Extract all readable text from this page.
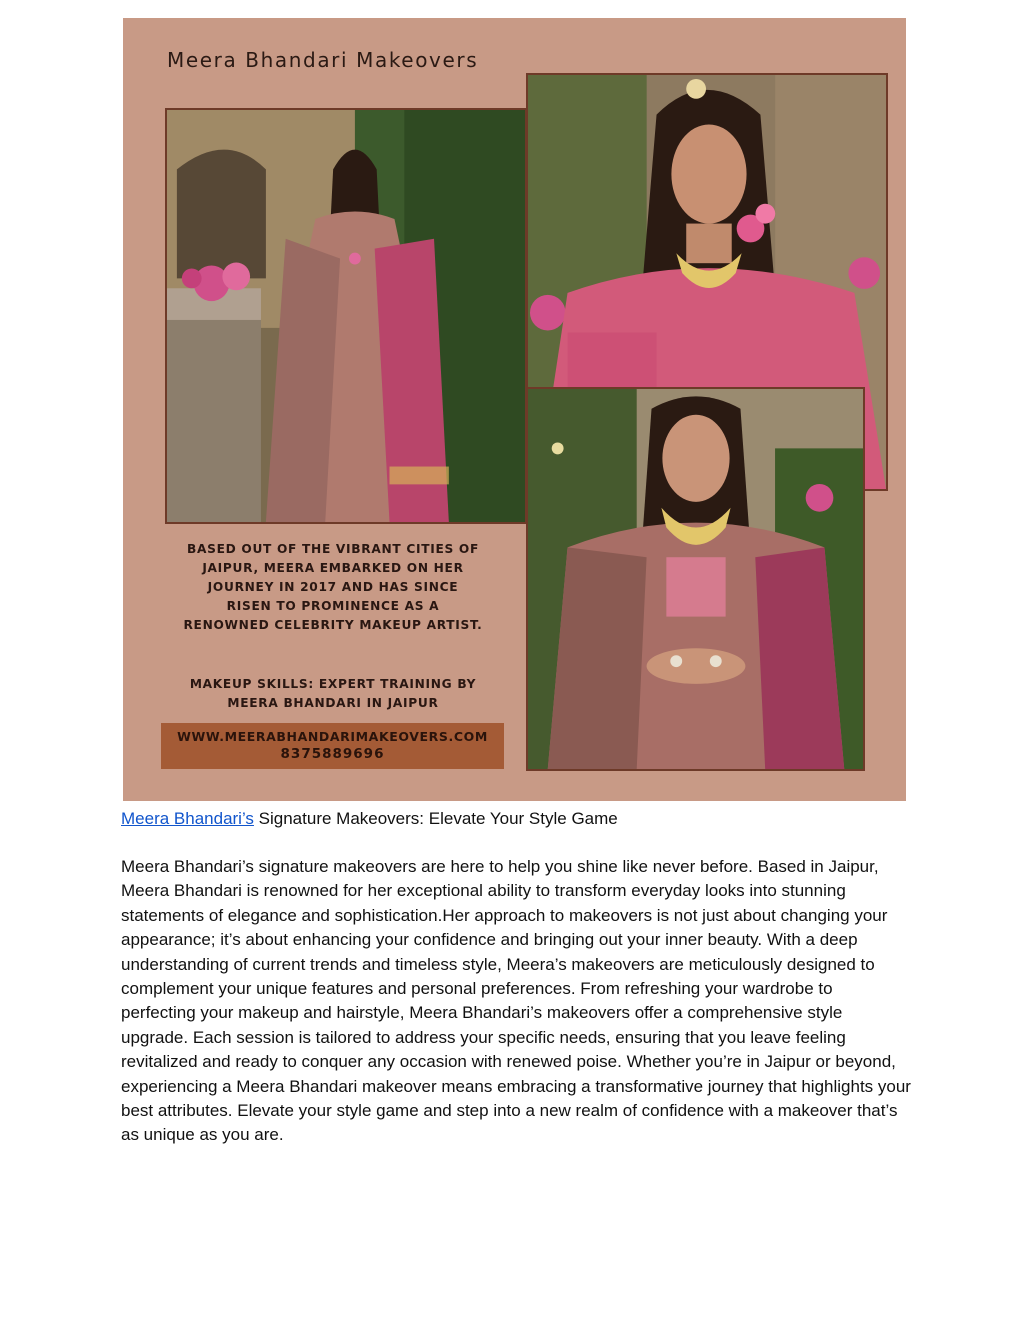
Meera Bhandari Makeovers

BASED OUT OF THE VIBRANT CITIES OF JAIPUR, MEERA EMBARKED ON HER JOURNEY IN 2017 AND HAS SINCE RISEN TO PROMINENCE AS A RENOWNED CELEBRITY MAKEUP ARTIST.

MAKEUP SKILLS: EXPERT TRAINING BY MEERA BHANDARI IN JAIPUR

WWW.MEERABHANDARIMAKEOVERS.COM
8375889696
Meera Bhandari’s Signature Makeovers: Elevate Your Style Game

Meera Bhandari’s signature makeovers are here to help you shine like never before. Based in Jaipur, Meera Bhandari is renowned for her exceptional ability to transform everyday looks into stunning statements of elegance and sophistication.Her approach to makeovers is not just about changing your appearance; it’s about enhancing your confidence and bringing out your inner beauty. With a deep understanding of current trends and timeless style, Meera’s makeovers are meticulously designed to complement your unique features and personal preferences. From refreshing your wardrobe to perfecting your makeup and hairstyle, Meera Bhandari’s makeovers offer a comprehensive style upgrade. Each session is tailored to address your specific needs, ensuring that you leave feeling revitalized and ready to conquer any occasion with renewed poise. Whether you’re in Jaipur or beyond, experiencing a Meera Bhandari makeover means embracing a transformative journey that highlights your best attributes. Elevate your style game and step into a new realm of confidence with a makeover that’s as unique as you are.
